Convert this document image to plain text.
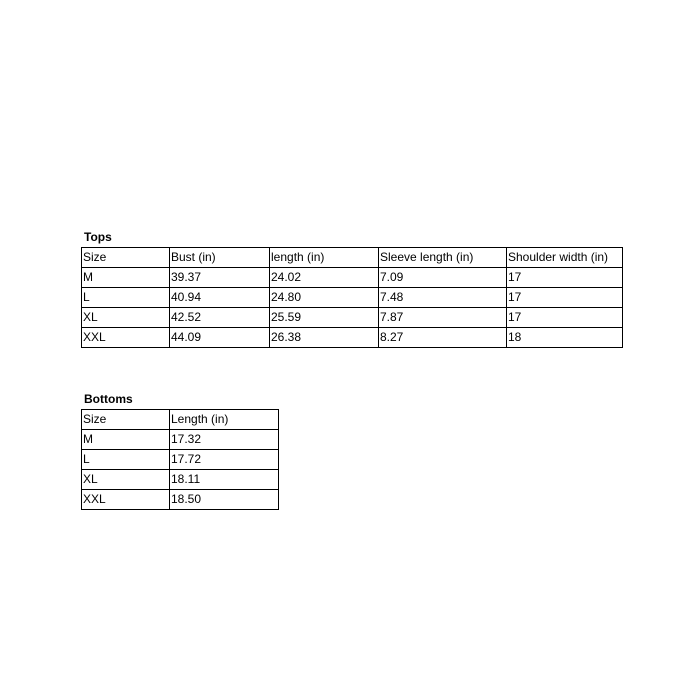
Tops
Size	Bust (in)	length (in)	Sleeve length (in)	Shoulder width (in)
M	39.37	24.02	7.09	17
L	40.94	24.80	7.48	17
XL	42.52	25.59	7.87	17
XXL	44.09	26.38	8.27	18
Bottoms
Size	Length (in)
M	17.32
L	17.72
XL	18.11
XXL	18.50
